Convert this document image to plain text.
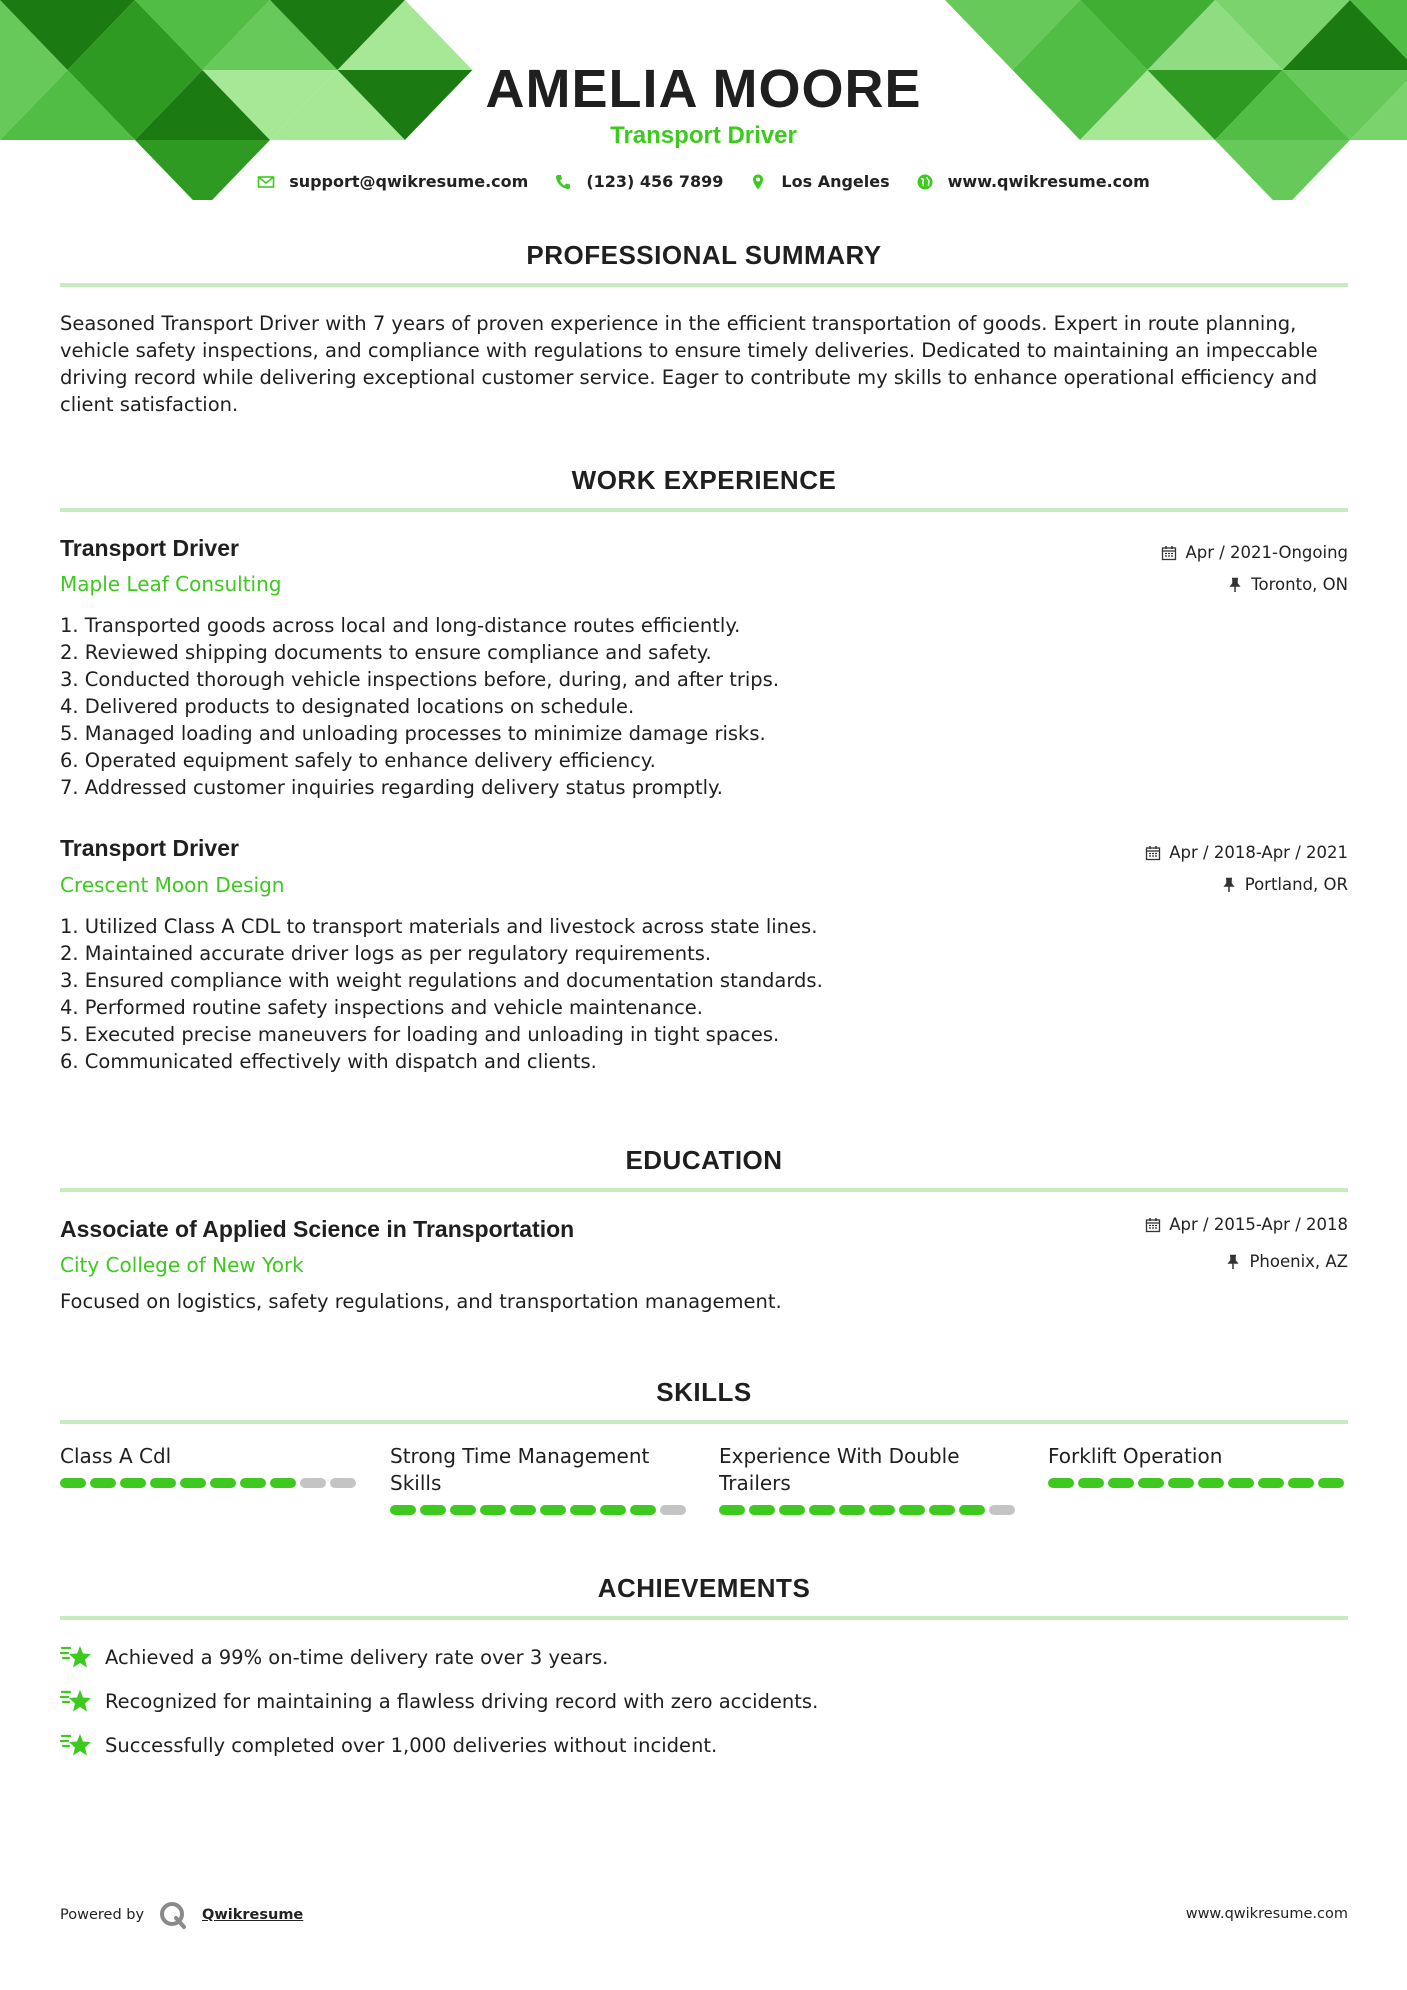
AMELIA MOORE
Transport Driver
support@qwikresume.com	(123) 456 7899	Los Angeles	www.qwikresume.com
PROFESSIONAL SUMMARY
Seasoned Transport Driver with 7 years of proven experience in the efficient transportation of goods. Expert in route planning, vehicle safety inspections, and compliance with regulations to ensure timely deliveries. Dedicated to maintaining an impeccable driving record while delivering exceptional customer service. Eager to contribute my skills to enhance operational efficiency and client satisfaction.
WORK EXPERIENCE
Transport Driver
Maple Leaf Consulting
Apr / 2021-Ongoing
Toronto, ON
1. Transported goods across local and long-distance routes efficiently.
2. Reviewed shipping documents to ensure compliance and safety.
3. Conducted thorough vehicle inspections before, during, and after trips.
4. Delivered products to designated locations on schedule.
5. Managed loading and unloading processes to minimize damage risks.
6. Operated equipment safely to enhance delivery efficiency.
7. Addressed customer inquiries regarding delivery status promptly.
Transport Driver
Crescent Moon Design
Apr / 2018-Apr / 2021
Portland, OR
1. Utilized Class A CDL to transport materials and livestock across state lines.
2. Maintained accurate driver logs as per regulatory requirements.
3. Ensured compliance with weight regulations and documentation standards.
4. Performed routine safety inspections and vehicle maintenance.
5. Executed precise maneuvers for loading and unloading in tight spaces.
6. Communicated effectively with dispatch and clients.
EDUCATION
Associate of Applied Science in Transportation
City College of New York
Apr / 2015-Apr / 2018
Phoenix, AZ
Focused on logistics, safety regulations, and transportation management.
SKILLS
Class A Cdl	Strong Time Management Skills
Experience With Double Trailers
Forklift Operation
ACHIEVEMENTS
Achieved a 99% on-time delivery rate over 3 years.
Recognized for maintaining a flawless driving record with zero accidents.
Successfully completed over 1,000 deliveries without incident.
Powered by	Qwikresume	www.qwikresume.com
